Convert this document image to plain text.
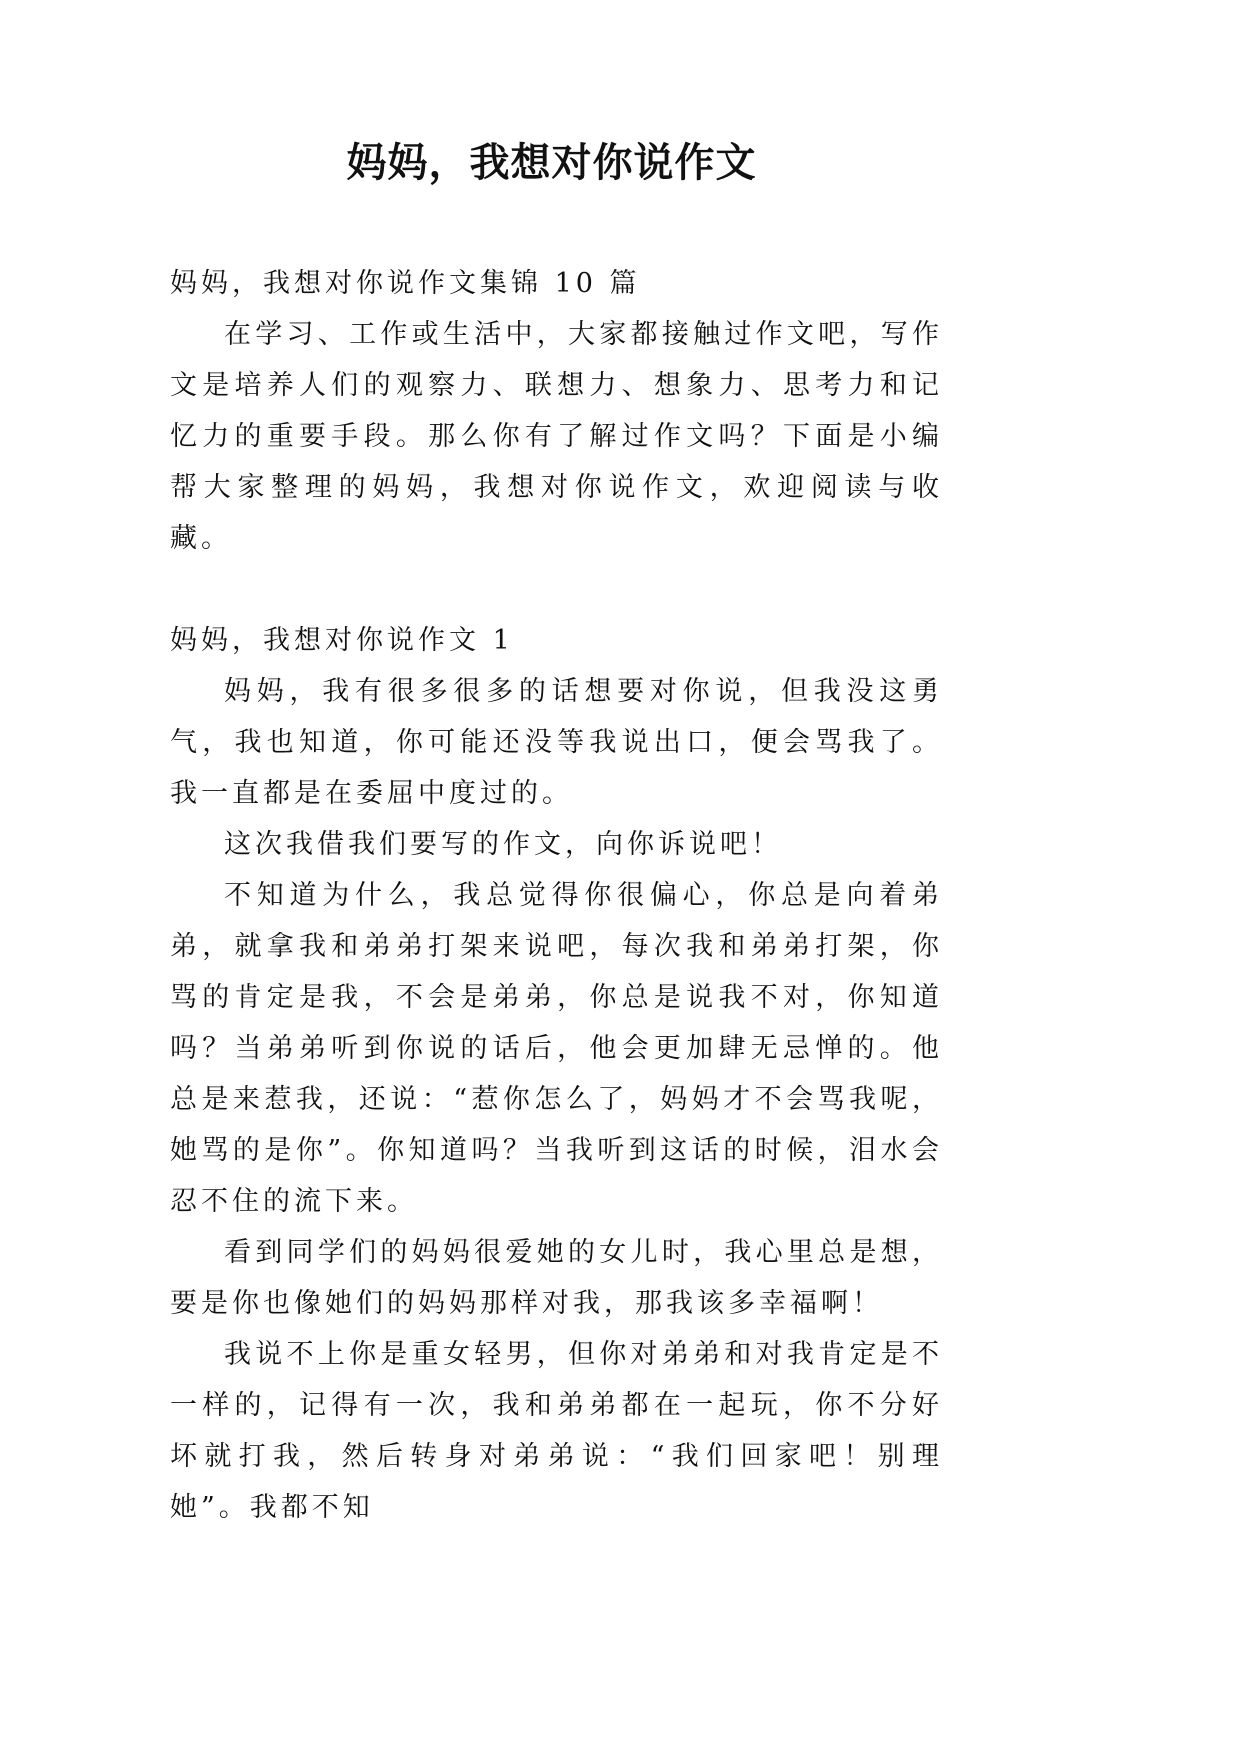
妈妈，我想对你说作文

妈妈，我想对你说作文集锦 10 篇

在学习、工作或生活中，大家都接触过作文吧，写作文是培养人们的观察力、联想力、想象力、思考力和记忆力的重要手段。那么你有了解过作文吗？下面是小编帮大家整理的妈妈，我想对你说作文，欢迎阅读与收藏。

妈妈，我想对你说作文 1

妈妈，我有很多很多的话想要对你说，但我没这勇气，我也知道，你可能还没等我说出口，便会骂我了。我一直都是在委屈中度过的。

这次我借我们要写的作文，向你诉说吧！

不知道为什么，我总觉得你很偏心，你总是向着弟弟，就拿我和弟弟打架来说吧，每次我和弟弟打架，你骂的肯定是我，不会是弟弟，你总是说我不对，你知道吗？当弟弟听到你说的话后，他会更加肆无忌惮的。他总是来惹我，还说：“惹你怎么了，妈妈才不会骂我呢，她骂的是你”。你知道吗？当我听到这话的时候，泪水会忍不住的流下来。

看到同学们的妈妈很爱她的女儿时，我心里总是想，要是你也像她们的妈妈那样对我，那我该多幸福啊！

我说不上你是重女轻男，但你对弟弟和对我肯定是不一样的，记得有一次，我和弟弟都在一起玩，你不分好坏就打我，然后转身对弟弟说：“我们回家吧！别理她”。我都不知
